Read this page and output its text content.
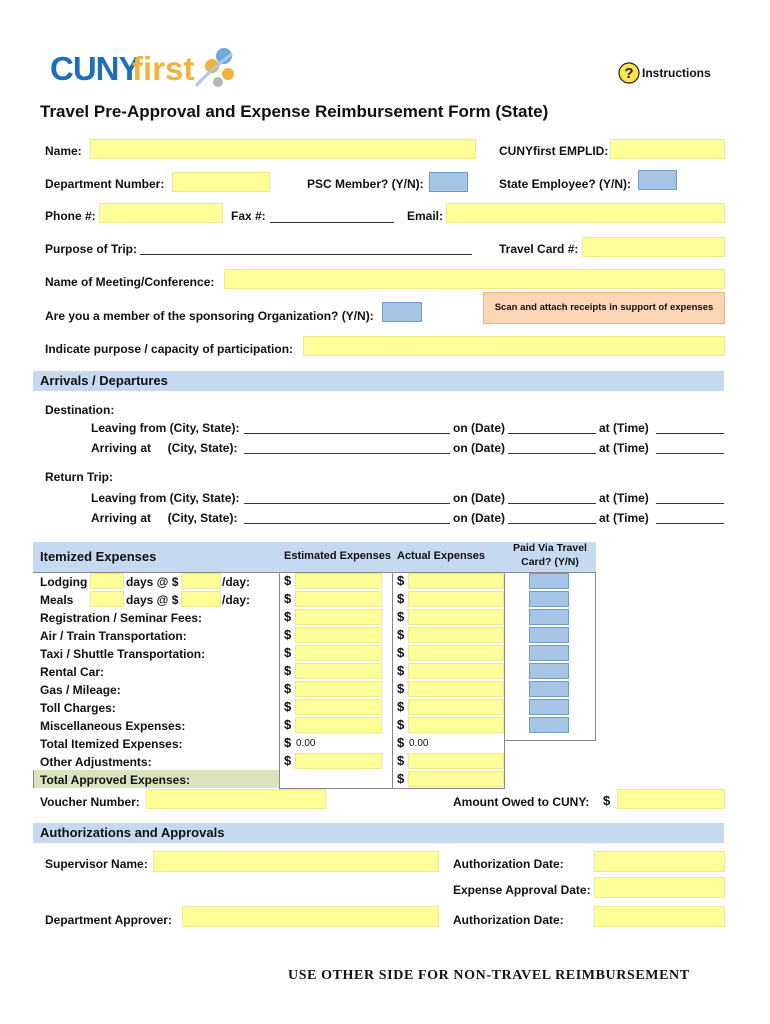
CUNY
first	? Instructions
Travel Pre-Approval and Expense Reimbursement Form (State)
Name:	CUNYfirst EMPLID:
Department Number:	PSC Member? (Y/N):	State Employee? (Y/N):
Phone #:	Fax #:	Email:
Purpose of Trip:	Travel Card #:
Name of Meeting/Conference:
Are you a member of the sponsoring Organization? (Y/N):
Scan and attach receipts in support of expenses
Indicate purpose / capacity of participation:
Arrivals / Departures
Destination:
Leaving from (City, State):	on (Date)	at (Time)
Arriving at     (City, State):	on (Date)	at (Time)
Return Trip:
Leaving from (City, State):	on (Date)	at (Time)
Arriving at     (City, State):	on (Date)	at (Time)
Itemized Expenses	Estimated Expenses Actual Expenses
Paid Via Travel Card? (Y/N)
Lodging	days @ $	/day:	$	$
Meals	days @ $	/day:	$	$
Registration / Seminar Fees:	$	$
Air / Train Transportation:	$	$
Taxi / Shuttle Transportation:	$	$
Rental Car:	$	$
Gas / Mileage:	$	$
Toll Charges:	$	$
Miscellaneous Expenses:	$	$
Total Itemized Expenses:	$ 0.00	$ 0.00
Other Adjustments:	$	$
Total Approved Expenses:	$
Voucher Number:	Amount Owed to CUNY: $
Authorizations and Approvals
Supervisor Name:	Authorization Date:
Expense Approval Date:
Department Approver:	Authorization Date:
USE OTHER SIDE FOR NON-TRAVEL REIMBURSEMENT
